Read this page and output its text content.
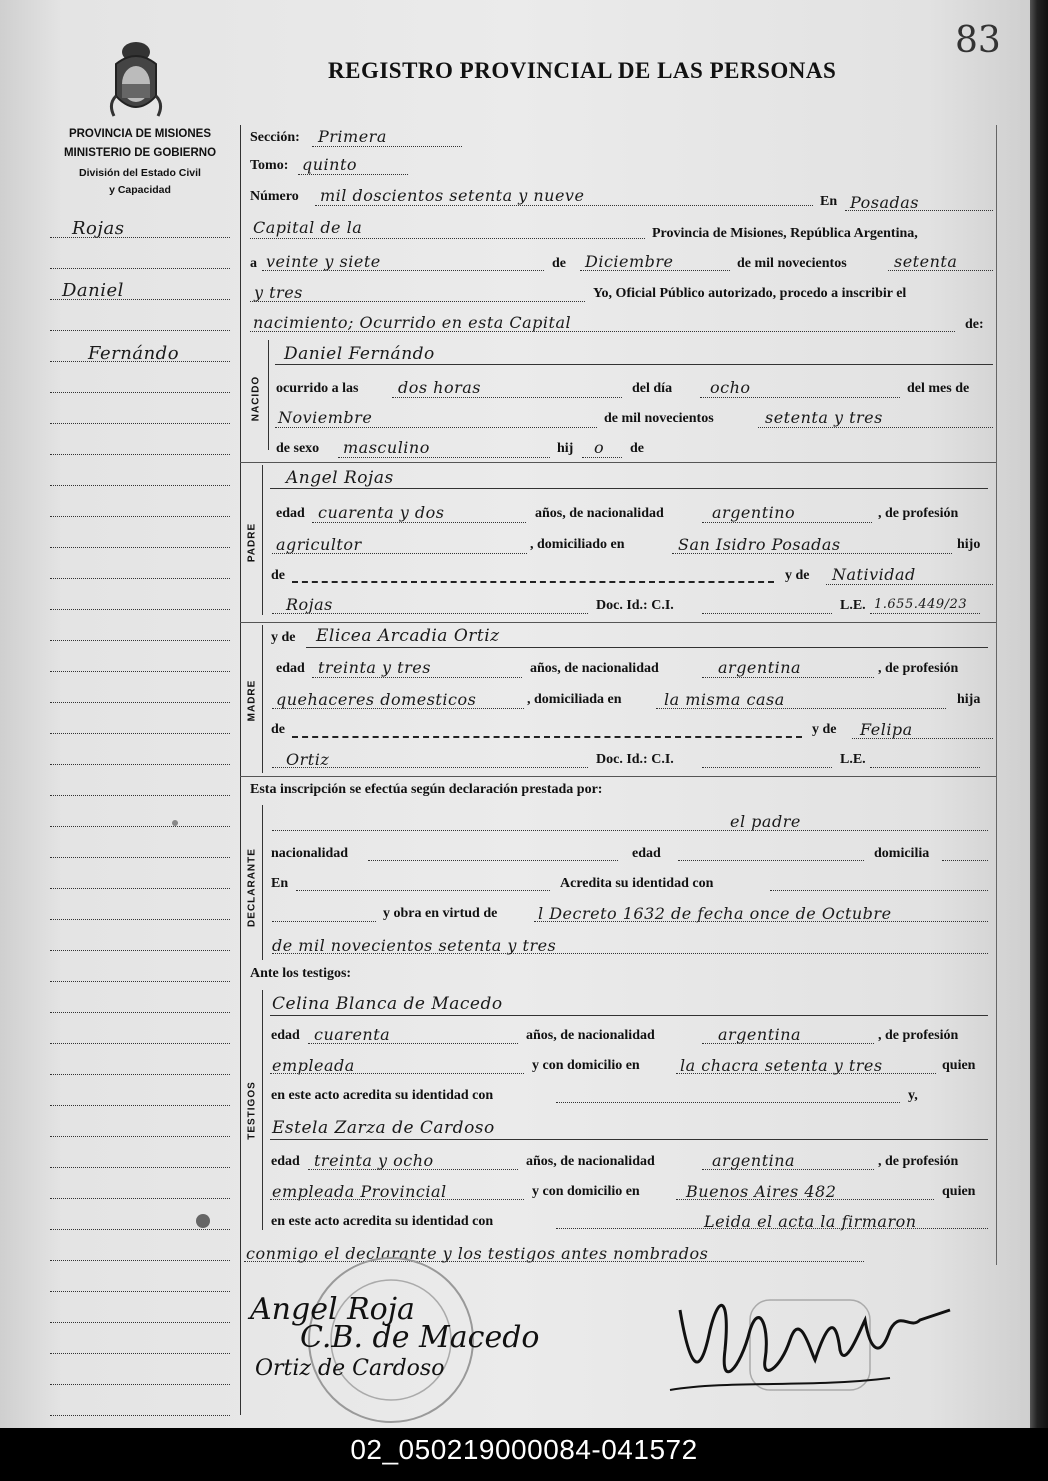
83
REGISTRO PROVINCIAL DE LAS PERSONAS
PROVINCIA DE MISIONES
MINISTERIO DE GOBIERNO
División del Estado Civil
y Capacidad
Rojas
Daniel
Fernándo
Sección: Primera
Tomo: quinto
Número mil doscientos setenta y nueve	En Posadas
Capital de la	Provincia de Misiones, República Argentina,
a veinte y siete	de Diciembre	de mil novecientos	setenta
y tres	Yo, Oficial Público autorizado, procedo a inscribir el
nacimiento; Ocurrido en esta Capital	de:
NACIDO
Daniel Fernándo
ocurrido a las dos horas	del día ocho	del mes de
Noviembre	de mil novecientos	setenta y tres
de sexo masculino	hij o de
PADRE
Angel Rojas
edad cuarenta y dos	años, de nacionalidad	argentino	, de profesión
agricultor	, domiciliado en	San Isidro Posadas	hijo
de	y de Natividad
Rojas	Doc. Id.: C.I.	L.E. 1.655.449/23
MADRE
y de Elicea Arcadia Ortiz
edad treinta y tres	años, de nacionalidad	argentina	, de profesión
quehaceres domesticos	, domiciliada en	la misma casa	hija
de	y de Felipa
Ortiz	Doc. Id.: C.I.	L.E.
Esta inscripción se efectúa según declaración prestada por:
DECLARANTE
el padre
nacionalidad	edad	domicilia
En	Acredita su identidad con
y obra en virtud de	l Decreto 1632 de fecha once de Octubre
de mil novecientos setenta y tres
Ante los testigos:
TESTIGOS
Celina Blanca de Macedo
edad cuarenta	años, de nacionalidad	argentina	, de profesión
empleada	y con domicilio en	la chacra setenta y tres	quien
en este acto acredita su identidad con	y,
Estela Zarza de Cardoso
edad treinta y ocho	años, de nacionalidad	argentina	, de profesión
empleada Provincial	y con domicilio en	Buenos Aires 482	quien
en este acto acredita su identidad con	Leida el acta la firmaron
conmigo el declarante y los testigos antes nombrados
Angel Roja
C.B. de Macedo
Ortiz de Cardoso
02_050219000084-041572
